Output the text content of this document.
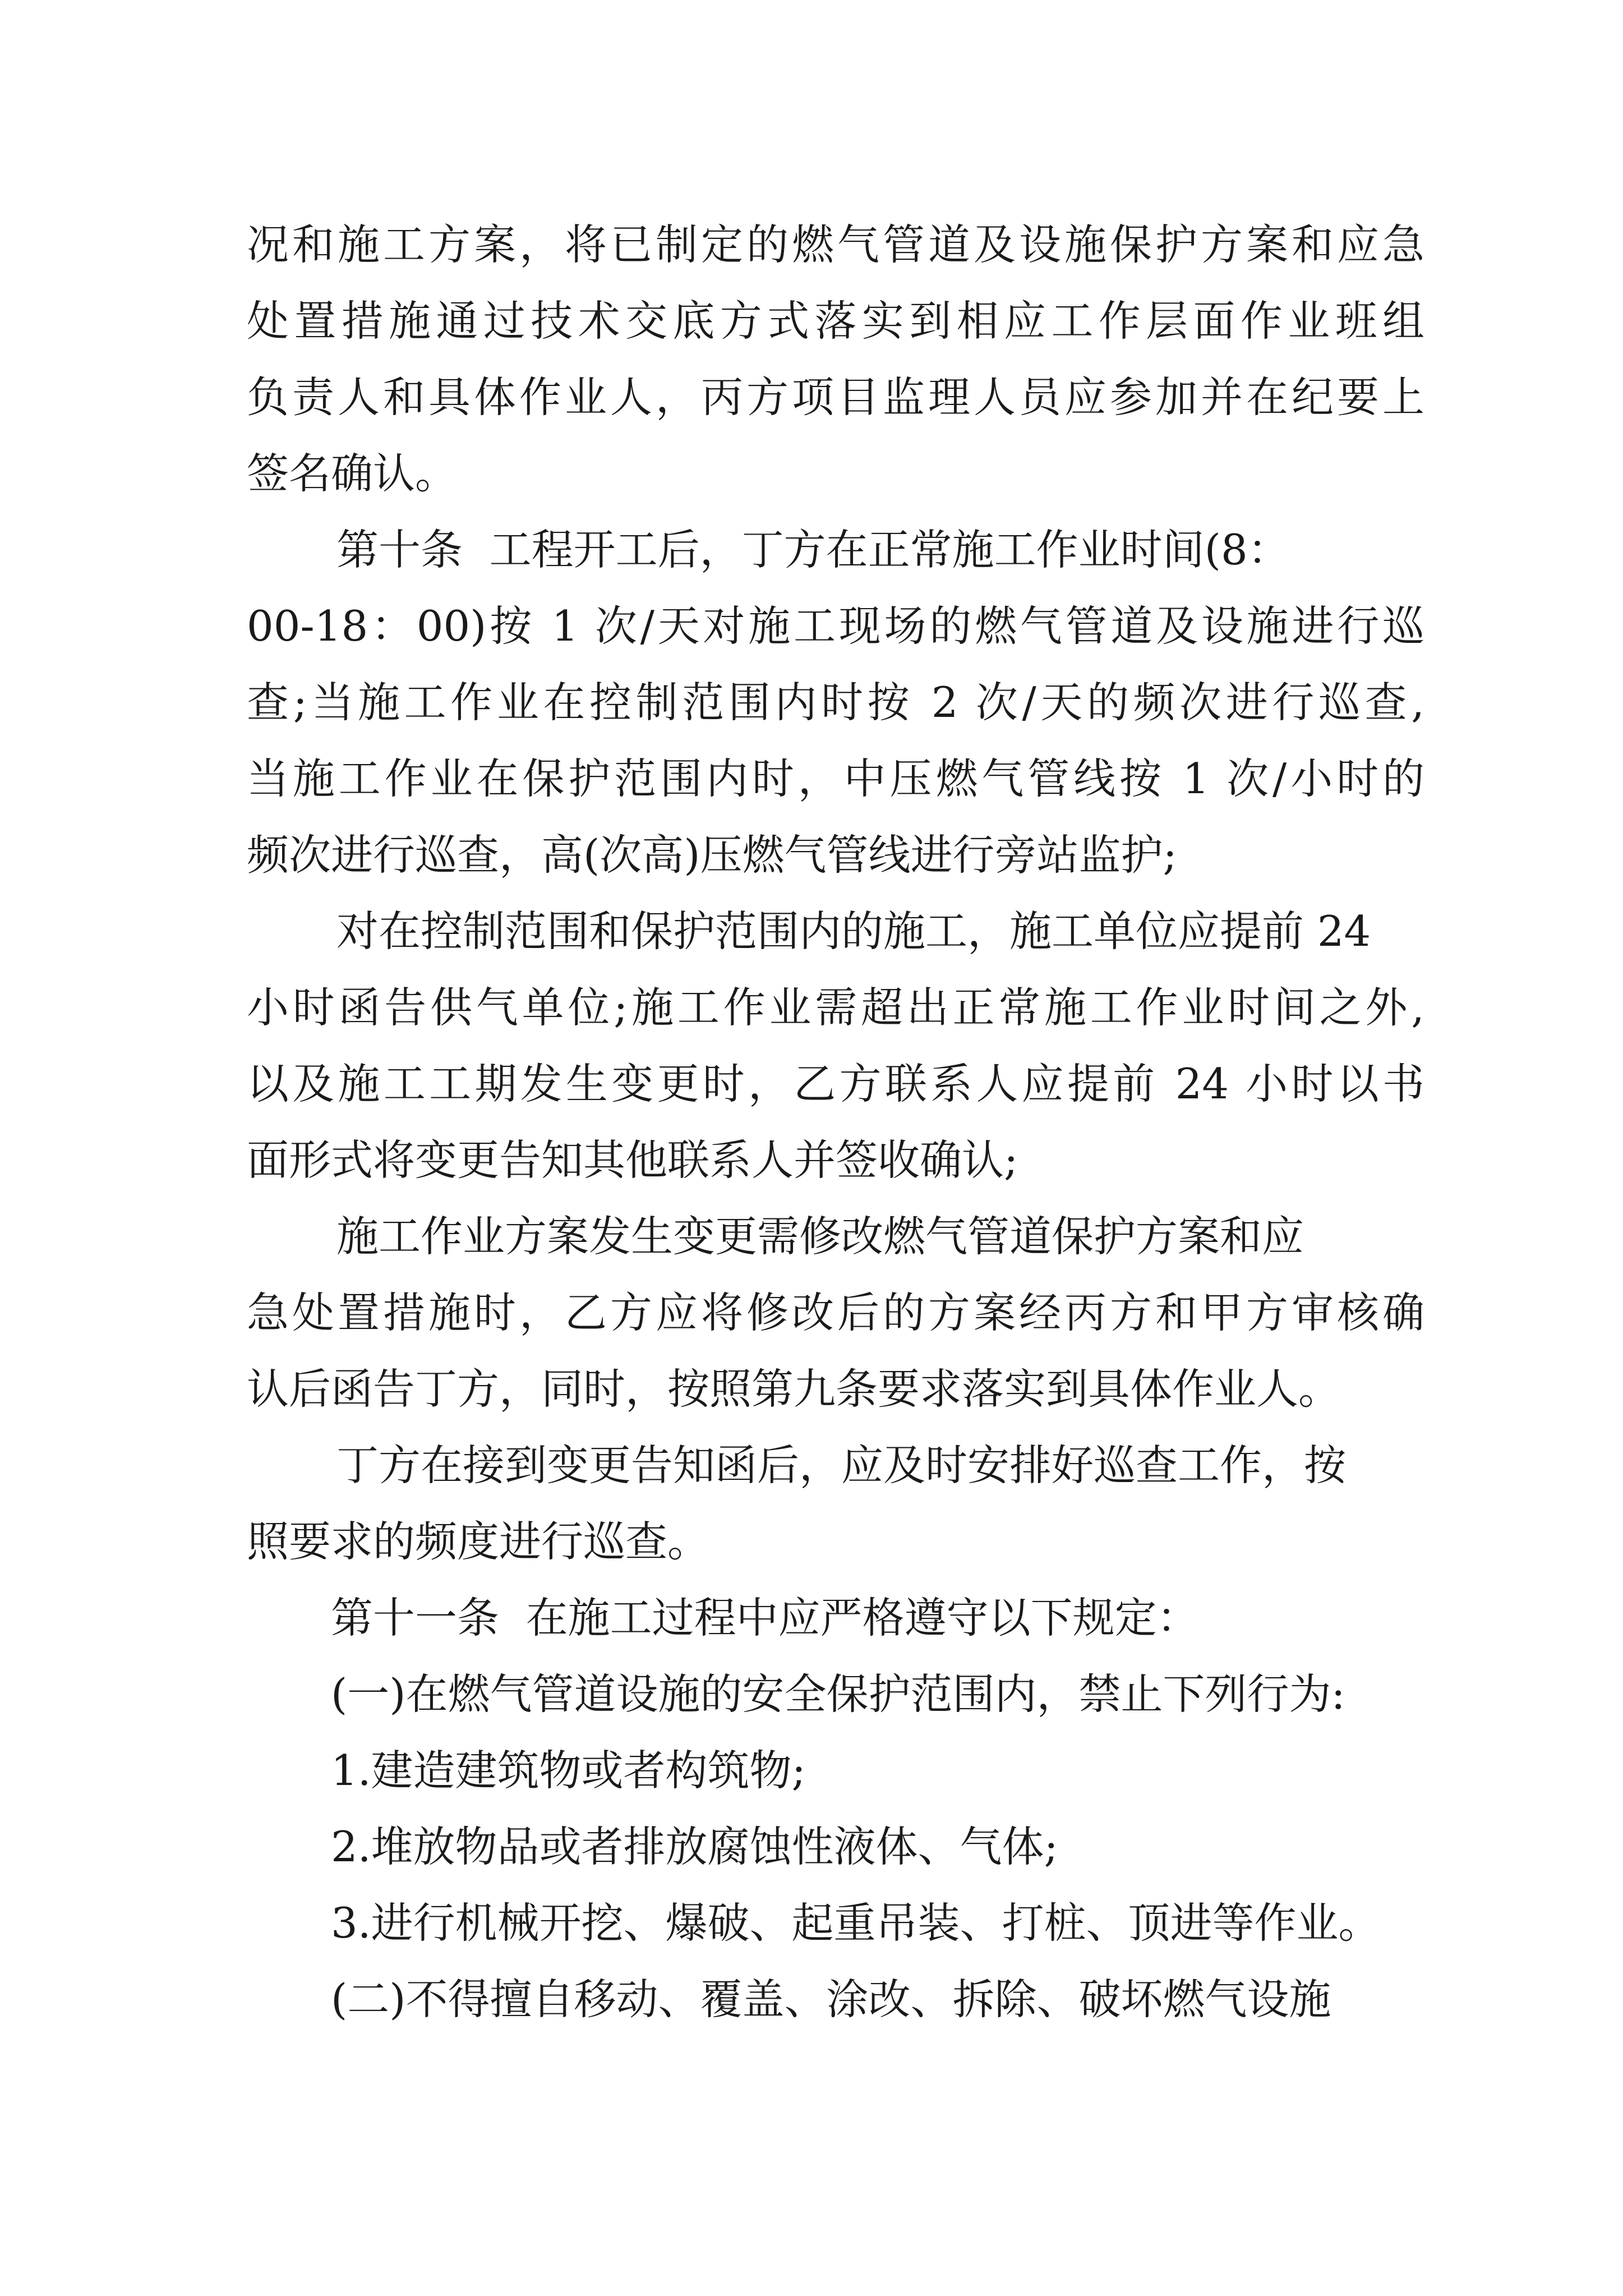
况和施工方案，将已制定的燃气管道及设施保护方案和应急
处置措施通过技术交底方式落实到相应工作层面作业班组
负责人和具体作业人，丙方项目监理人员应参加并在纪要上
签名确认。
第十条  工程开工后，丁方在正常施工作业时间(8：
00-18：00)按 1 次/天对施工现场的燃气管道及设施进行巡
查;当施工作业在控制范围内时按 2 次/天的频次进行巡查,
当施工作业在保护范围内时，中压燃气管线按 1 次/小时的
频次进行巡查，高(次高)压燃气管线进行旁站监护;
对在控制范围和保护范围内的施工，施工单位应提前 24
小时函告供气单位;施工作业需超出正常施工作业时间之外,
以及施工工期发生变更时，乙方联系人应提前 24 小时以书
面形式将变更告知其他联系人并签收确认;
施工作业方案发生变更需修改燃气管道保护方案和应
急处置措施时，乙方应将修改后的方案经丙方和甲方审核确
认后函告丁方，同时，按照第九条要求落实到具体作业人。
丁方在接到变更告知函后，应及时安排好巡查工作，按
照要求的频度进行巡查。
第十一条  在施工过程中应严格遵守以下规定：
(一)在燃气管道设施的安全保护范围内，禁止下列行为:
1.建造建筑物或者构筑物;
2.堆放物品或者排放腐蚀性液体、气体;
3.进行机械开挖、爆破、起重吊装、打桩、顶进等作业。
(二)不得擅自移动、覆盖、涂改、拆除、破坏燃气设施
